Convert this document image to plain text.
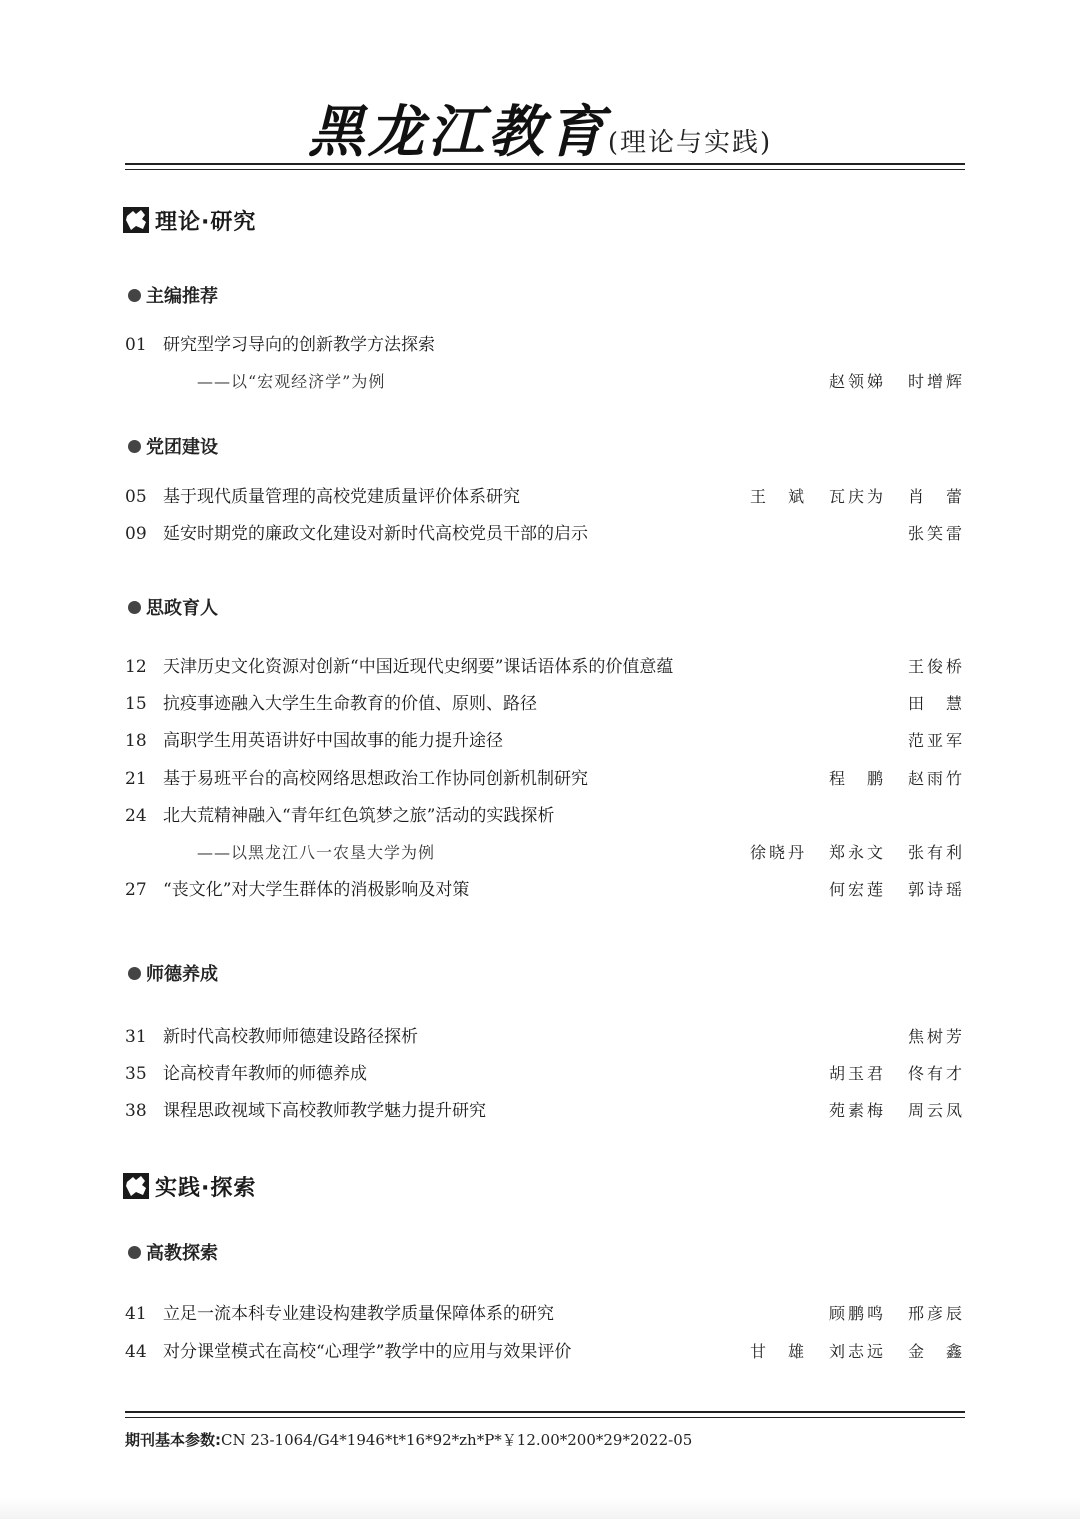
黑龙江教育(理论与实践)
理论·研究
主编推荐
01 研究型学习导向的创新教学方法探索
——以“宏观经济学”为例	赵领娣 时增辉
党团建设
05 基于现代质量管理的高校党建质量评价体系研究	王　斌 瓦庆为 肖　蕾
09 延安时期党的廉政文化建设对新时代高校党员干部的启示	张笑雷
思政育人
12 天津历史文化资源对创新“中国近现代史纲要”课话语体系的价值意蕴	王俊桥
15 抗疫事迹融入大学生生命教育的价值、原则、路径	田　慧
18 高职学生用英语讲好中国故事的能力提升途径	范亚军
21 基于易班平台的高校网络思想政治工作协同创新机制研究	程　鹏 赵雨竹
24 北大荒精神融入“青年红色筑梦之旅”活动的实践探析
——以黑龙江八一农垦大学为例	徐晓丹 郑永文 张有利
27 “丧文化”对大学生群体的消极影响及对策	何宏莲 郭诗瑶
师德养成
31 新时代高校教师师德建设路径探析	焦树芳
35 论高校青年教师的师德养成	胡玉君 佟有才
38 课程思政视域下高校教师教学魅力提升研究	苑素梅 周云凤
实践·探索
高教探索
41 立足一流本科专业建设构建教学质量保障体系的研究	顾鹏鸣 邢彦辰
44 对分课堂模式在高校“心理学”教学中的应用与效果评价	甘　雄 刘志远 金　鑫
期刊基本参数:CN 23-1064/G4*1946*t*16*92*zh*P*￥12.00*200*29*2022-05
